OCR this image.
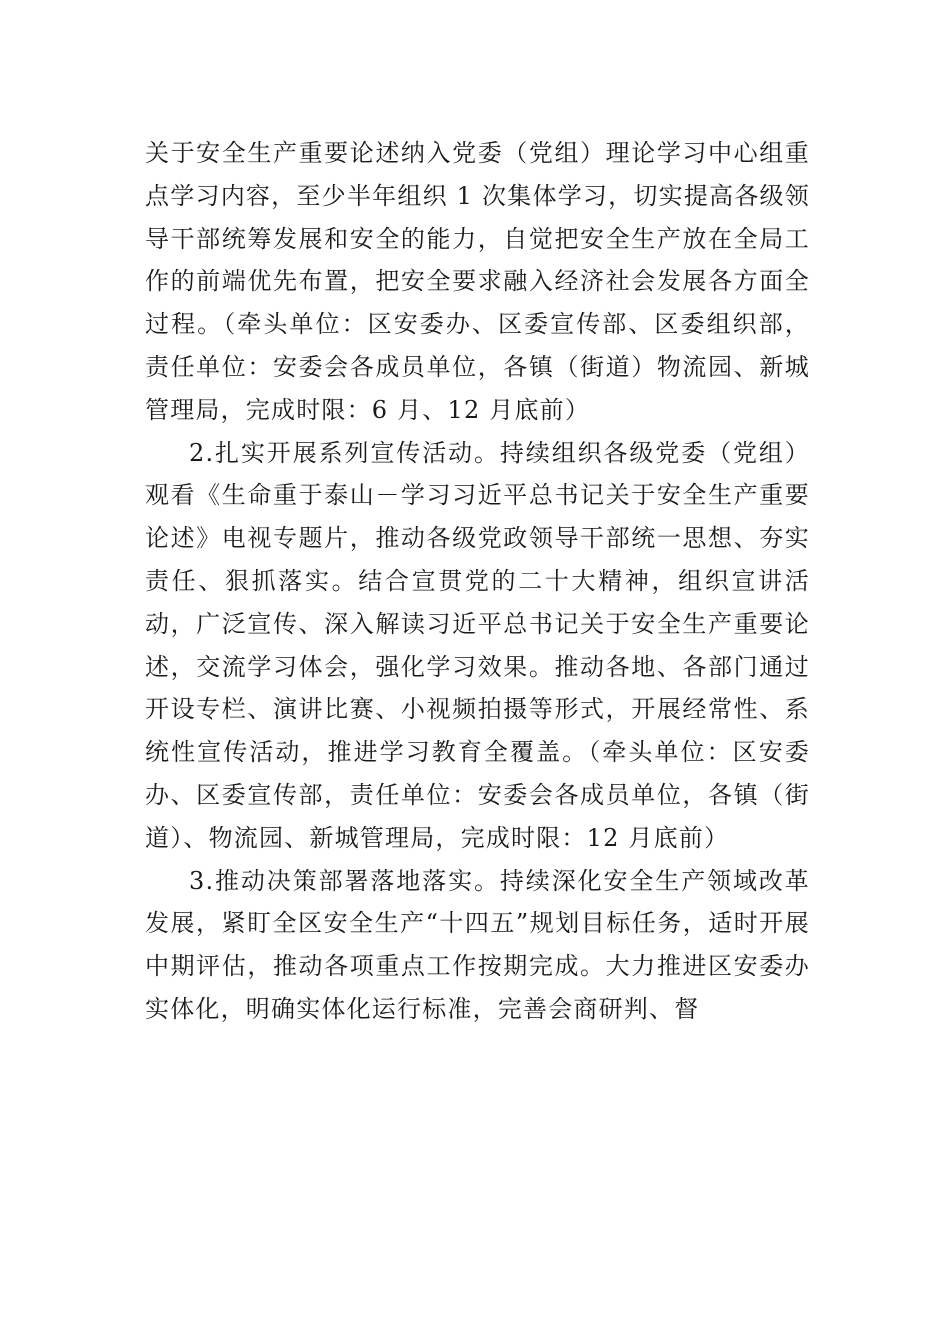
关于安全生产重要论述纳入党委（党组）理论学习中心组重点学习内容，至少半年组织 1 次集体学习，切实提高各级领导干部统筹发展和安全的能力，自觉把安全生产放在全局工作的前端优先布置，把安全要求融入经济社会发展各方面全过程。（牵头单位：区安委办、区委宣传部、区委组织部，责任单位：安委会各成员单位，各镇（街道）物流园、新城管理局，完成时限：6 月、12 月底前）

2.扎实开展系列宣传活动。持续组织各级党委（党组）观看《生命重于泰山－学习习近平总书记关于安全生产重要论述》电视专题片，推动各级党政领导干部统一思想、夯实责任、狠抓落实。结合宣贯党的二十大精神，组织宣讲活动，广泛宣传、深入解读习近平总书记关于安全生产重要论述，交流学习体会，强化学习效果。推动各地、各部门通过开设专栏、演讲比赛、小视频拍摄等形式，开展经常性、系统性宣传活动，推进学习教育全覆盖。（牵头单位：区安委办、区委宣传部，责任单位：安委会各成员单位，各镇（街道）、物流园、新城管理局，完成时限：12 月底前）

3.推动决策部署落地落实。持续深化安全生产领域改革发展，紧盯全区安全生产“十四五”规划目标任务，适时开展中期评估，推动各项重点工作按期完成。大力推进区安委办实体化，明确实体化运行标准，完善会商研判、督
